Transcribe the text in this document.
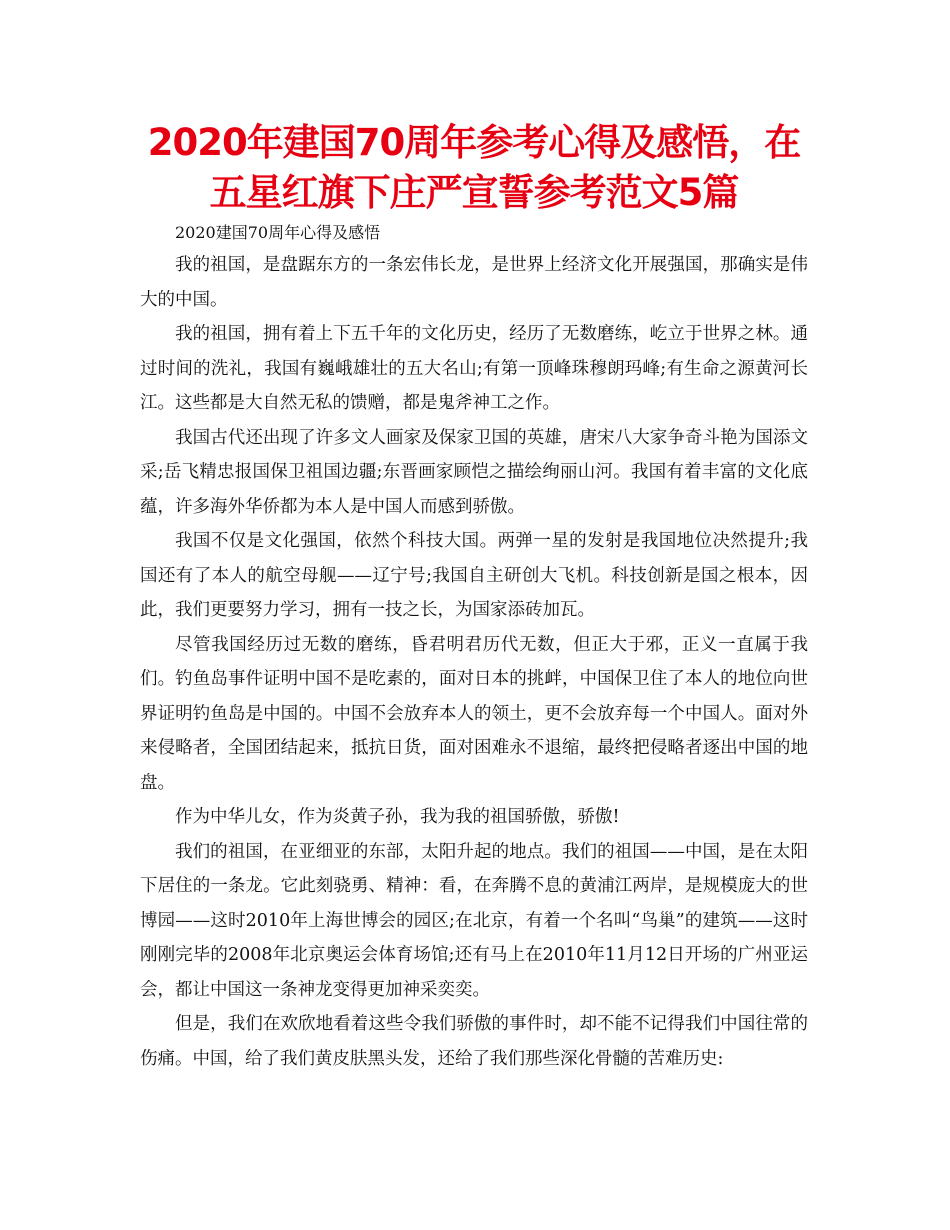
2020年建国70周年参考心得及感悟，在
五星红旗下庄严宣誓参考范文5篇

2020建国70周年心得及感悟

我的祖国，是盘踞东方的一条宏伟长龙，是世界上经济文化开展强国，那确实是伟大的中国。

我的祖国，拥有着上下五千年的文化历史，经历了无数磨练，屹立于世界之林。通过时间的洗礼，我国有巍峨雄壮的五大名山;有第一顶峰珠穆朗玛峰;有生命之源黄河长江。这些都是大自然无私的馈赠，都是鬼斧神工之作。

我国古代还出现了许多文人画家及保家卫国的英雄，唐宋八大家争奇斗艳为国添文采;岳飞精忠报国保卫祖国边疆;东晋画家顾恺之描绘绚丽山河。我国有着丰富的文化底蕴，许多海外华侨都为本人是中国人而感到骄傲。

我国不仅是文化强国，依然个科技大国。两弹一星的发射是我国地位决然提升;我国还有了本人的航空母舰——辽宁号;我国自主研创大飞机。科技创新是国之根本，因此，我们更要努力学习，拥有一技之长，为国家添砖加瓦。

尽管我国经历过无数的磨练，昏君明君历代无数，但正大于邪，正义一直属于我们。钓鱼岛事件证明中国不是吃素的，面对日本的挑衅，中国保卫住了本人的地位向世界证明钓鱼岛是中国的。中国不会放弃本人的领土，更不会放弃每一个中国人。面对外来侵略者，全国团结起来，抵抗日货，面对困难永不退缩，最终把侵略者逐出中国的地盘。

作为中华儿女，作为炎黄子孙，我为我的祖国骄傲，骄傲!

我们的祖国，在亚细亚的东部，太阳升起的地点。我们的祖国——中国，是在太阳下居住的一条龙。它此刻骁勇、精神：看，在奔腾不息的黄浦江两岸，是规模庞大的世博园——这时2010年上海世博会的园区;在北京，有着一个名叫“鸟巢”的建筑——这时刚刚完毕的2008年北京奥运会体育场馆;还有马上在2010年11月12日开场的广州亚运会，都让中国这一条神龙变得更加神采奕奕。

但是，我们在欢欣地看着这些令我们骄傲的事件时，却不能不记得我们中国往常的伤痛。中国，给了我们黄皮肤黑头发，还给了我们那些深化骨髓的苦难历史:
